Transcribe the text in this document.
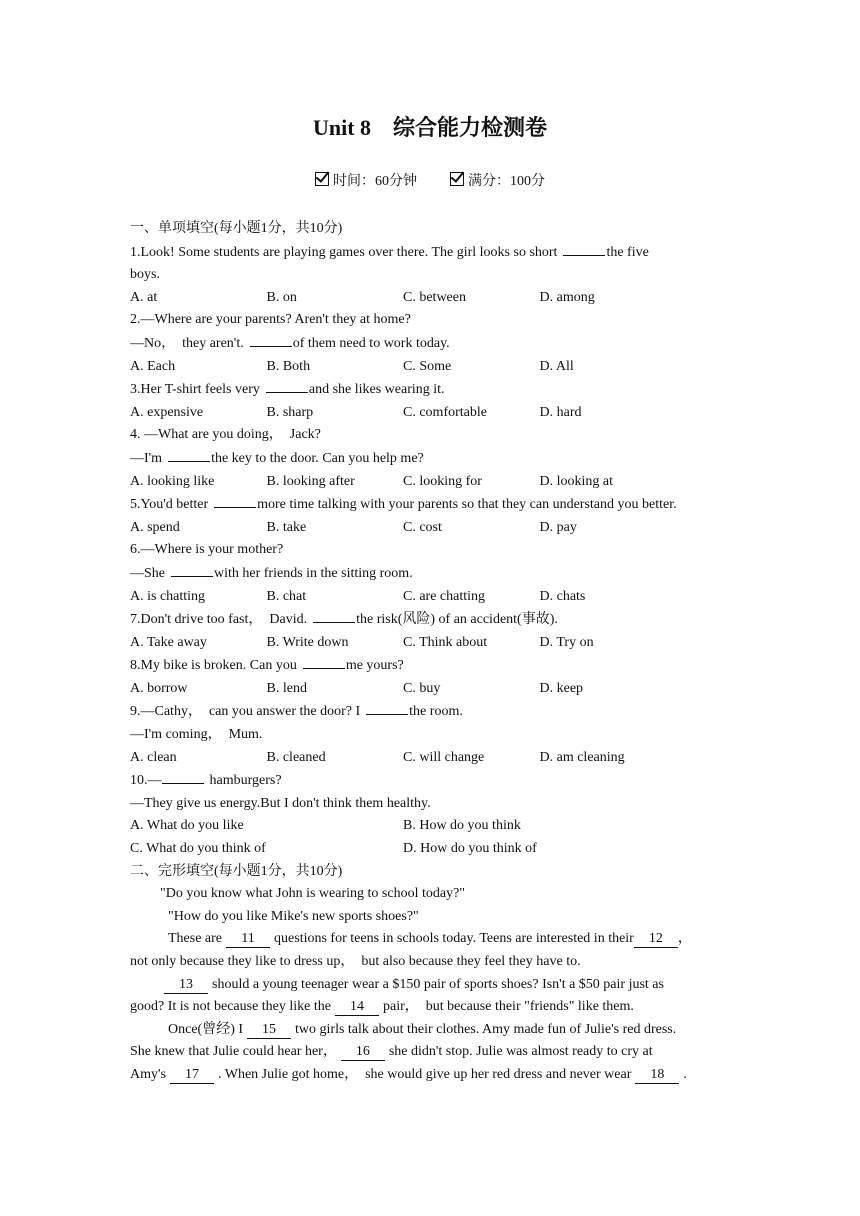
Unit 8　综合能力检测卷
时间：60分钟	满分：100分
一、单项填空(每小题1分，共10分)
1.Look! Some students are playing games over there. The girl looks so short	the five
boys.
A. at	B. on	C. between	D. among
2.—Where are your parents? Aren't they at home?
—No，　they aren't.	of them need to work today.
A. Each	B. Both	C. Some	D. All
3.Her T-shirt feels very	and she likes wearing it.
A. expensive	B. sharp	C. comfortable	D. hard
4. —What are you doing，　Jack?
—I'm	the key to the door. Can you help me?
A. looking like	B. looking after	C. looking for	D. looking at
5.You'd better	more time talking with your parents so that they can understand you better.
A. spend	B. take	C. cost	D. pay
6.—Where is your mother?
—She	with her friends in the sitting room.
A. is chatting	B. chat	C. are chatting	D. chats
7.Don't drive too fast，　David.	the risk(风险) of an accident(事故).
A. Take away	B. Write down	C. Think about	D. Try on
8.My bike is broken. Can you	me yours?
A. borrow	B. lend	C. buy	D. keep
9.—Cathy，　can you answer the door? I	the room.
—I'm coming，　Mum.
A. clean	B. cleaned	C. will change	D. am cleaning
10.—	hamburgers?
—They give us energy.But I don't think them healthy.
A. What do you like	B. How do you think
C. What do you think of	D. How do you think of
二、完形填空(每小题1分，共10分)
"Do you know what John is wearing to school today?"
"How do you like Mike's new sports shoes?"
These are 11 questions for teens in schools today. Teens are interested in their 12 ，
not only because they like to dress up，　but also because they feel they have to.
13 should a young teenager wear a $150 pair of sports shoes? Isn't a $50 pair just as
good? It is not because they like the 14 pair，　but because their "friends" like them.
Once(曾经) I 15 two girls talk about their clothes. Amy made fun of Julie's red dress.
She knew that Julie could hear her， 16 she didn't stop. Julie was almost ready to cry at
Amy's 17 . When Julie got home，　she would give up her red dress and never wear 18 .
